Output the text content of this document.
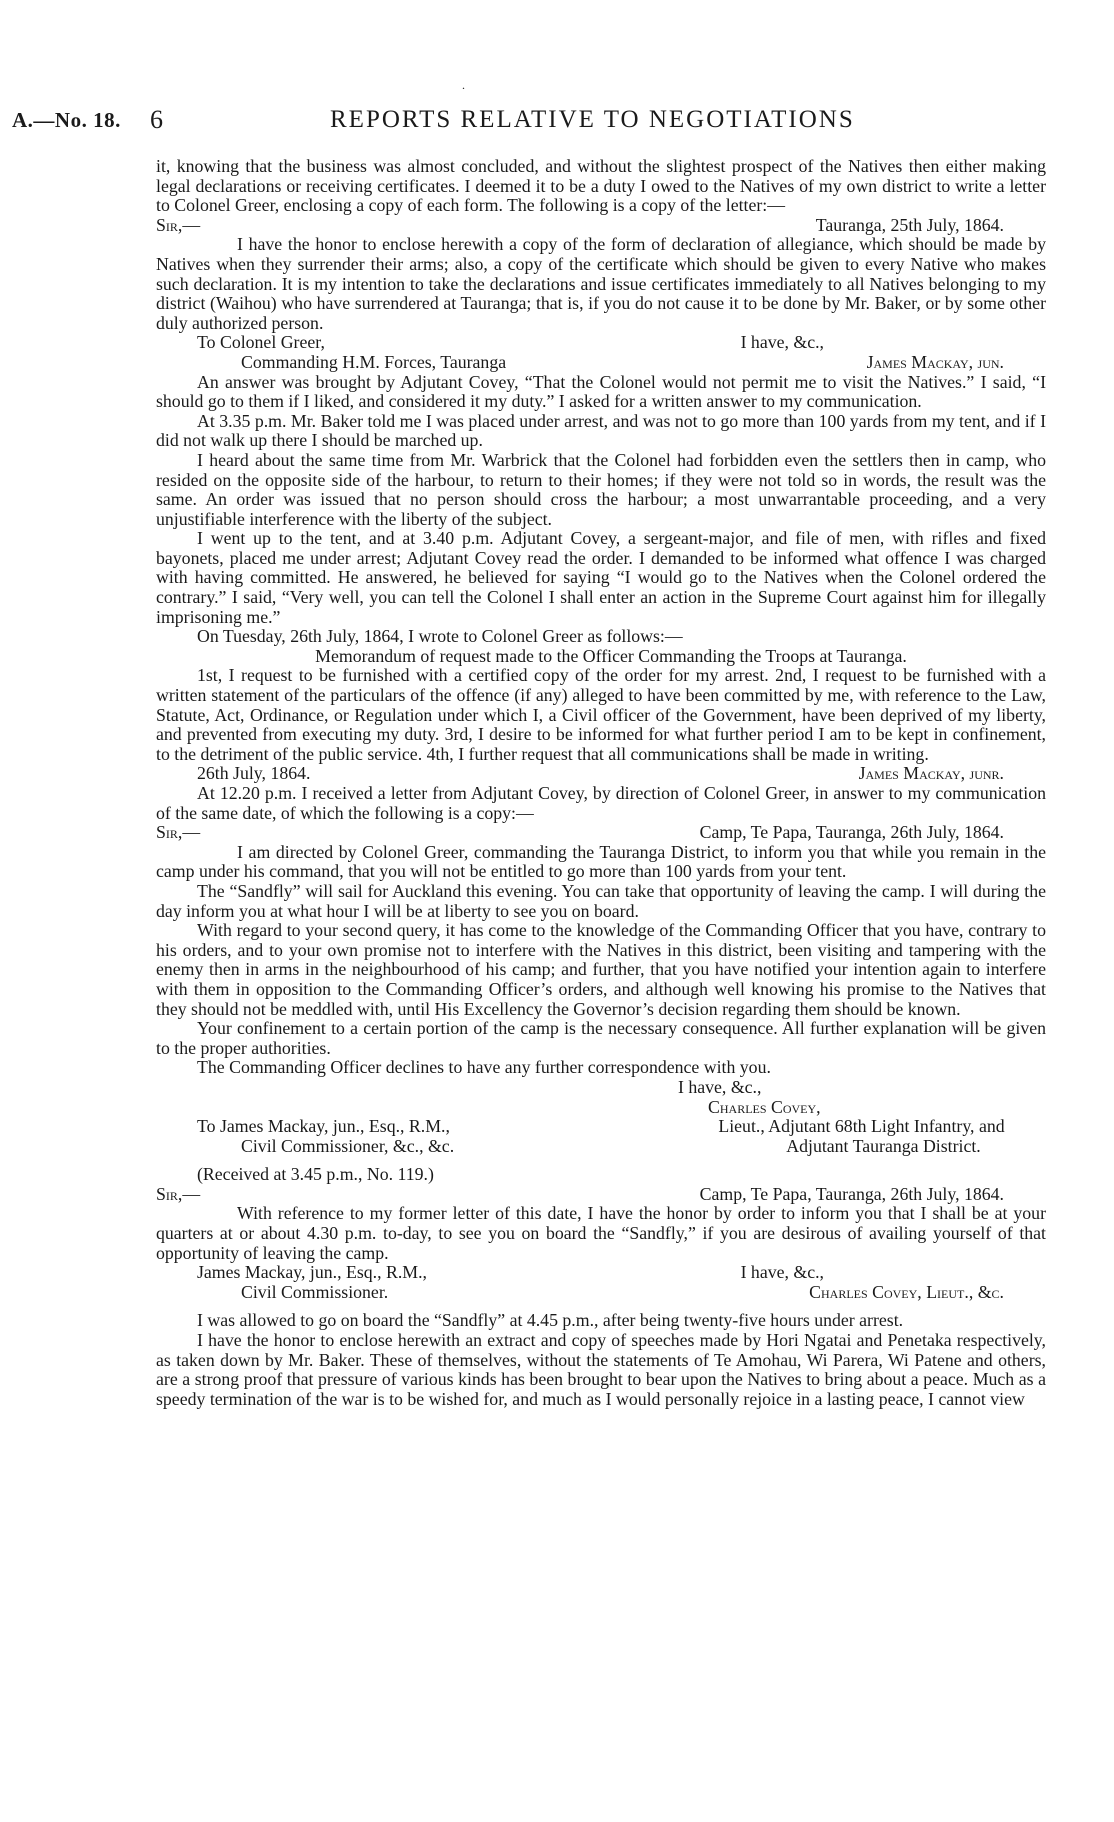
.
A.—No. 18. 6	REPORTS RELATIVE TO NEGOTIATIONS

it, knowing that the business was almost concluded, and without the slightest prospect of the Natives then either making legal declarations or receiving certificates. I deemed it to be a duty I owed to the Natives of my own district to write a letter to Colonel Greer, enclosing a copy of each form. The following is a copy of the letter:—

Sir,—	Tauranga, 25th July, 1864.

I have the honor to enclose herewith a copy of the form of declaration of allegiance, which should be made by Natives when they surrender their arms; also, a copy of the certificate which should be given to every Native who makes such declaration. It is my intention to take the declarations and issue certificates immediately to all Natives belonging to my district (Waihou) who have surrendered at Tauranga; that is, if you do not cause it to be done by Mr. Baker, or by some other duly authorized person.

To Colonel Greer,	I have, &c.,
Commanding H.M. Forces, Tauranga	James Mackay, jun.

An answer was brought by Adjutant Covey, “That the Colonel would not permit me to visit the Natives.” I said, “I should go to them if I liked, and considered it my duty.” I asked for a written answer to my communication.

At 3.35 p.m. Mr. Baker told me I was placed under arrest, and was not to go more than 100 yards from my tent, and if I did not walk up there I should be marched up.

I heard about the same time from Mr. Warbrick that the Colonel had forbidden even the settlers then in camp, who resided on the opposite side of the harbour, to return to their homes; if they were not told so in words, the result was the same. An order was issued that no person should cross the harbour; a most unwarrantable proceeding, and a very unjustifiable interference with the liberty of the subject.

I went up to the tent, and at 3.40 p.m. Adjutant Covey, a sergeant-major, and file of men, with rifles and fixed bayonets, placed me under arrest; Adjutant Covey read the order. I demanded to be informed what offence I was charged with having committed. He answered, he believed for saying “I would go to the Natives when the Colonel ordered the contrary.” I said, “Very well, you can tell the Colonel I shall enter an action in the Supreme Court against him for illegally imprisoning me.”

On Tuesday, 26th July, 1864, I wrote to Colonel Greer as follows:—

Memorandum of request made to the Officer Commanding the Troops at Tauranga.

1st, I request to be furnished with a certified copy of the order for my arrest. 2nd, I request to be furnished with a written statement of the particulars of the offence (if any) alleged to have been committed by me, with reference to the Law, Statute, Act, Ordinance, or Regulation under which I, a Civil officer of the Government, have been deprived of my liberty, and prevented from executing my duty. 3rd, I desire to be informed for what further period I am to be kept in confinement, to the detriment of the public service. 4th, I further request that all communications shall be made in writing.

26th July, 1864.	James Mackay, junr.

At 12.20 p.m. I received a letter from Adjutant Covey, by direction of Colonel Greer, in answer to my communication of the same date, of which the following is a copy:—

Sir,—	Camp, Te Papa, Tauranga, 26th July, 1864.

I am directed by Colonel Greer, commanding the Tauranga District, to inform you that while you remain in the camp under his command, that you will not be entitled to go more than 100 yards from your tent.

The “Sandfly” will sail for Auckland this evening. You can take that opportunity of leaving the camp. I will during the day inform you at what hour I will be at liberty to see you on board.

With regard to your second query, it has come to the knowledge of the Commanding Officer that you have, contrary to his orders, and to your own promise not to interfere with the Natives in this district, been visiting and tampering with the enemy then in arms in the neighbourhood of his camp; and further, that you have notified your intention again to interfere with them in opposition to the Commanding Officer’s orders, and although well knowing his promise to the Natives that they should not be meddled with, until His Excellency the Governor’s decision regarding them should be known.

Your confinement to a certain portion of the camp is the necessary consequence. All further explanation will be given to the proper authorities.

The Commanding Officer declines to have any further correspondence with you.

I have, &c.,

Charles Covey,

To James Mackay, jun., Esq., R.M.,	Lieut., Adjutant 68th Light Infantry, and
Civil Commissioner, &c., &c.	Adjutant Tauranga District.

(Received at 3.45 p.m., No. 119.)

Sir,—	Camp, Te Papa, Tauranga, 26th July, 1864.

With reference to my former letter of this date, I have the honor by order to inform you that I shall be at your quarters at or about 4.30 p.m. to-day, to see you on board the “Sandfly,” if you are desirous of availing yourself of that opportunity of leaving the camp.

James Mackay, jun., Esq., R.M.,	I have, &c.,
Civil Commissioner.	Charles Covey, Lieut., &c.

I was allowed to go on board the “Sandfly” at 4.45 p.m., after being twenty-five hours under arrest.

I have the honor to enclose herewith an extract and copy of speeches made by Hori Ngatai and Penetaka respectively, as taken down by Mr. Baker. These of themselves, without the statements of Te Amohau, Wi Parera, Wi Patene and others, are a strong proof that pressure of various kinds has been brought to bear upon the Natives to bring about a peace. Much as a speedy termination of the war is to be wished for, and much as I would personally rejoice in a lasting peace, I cannot view
